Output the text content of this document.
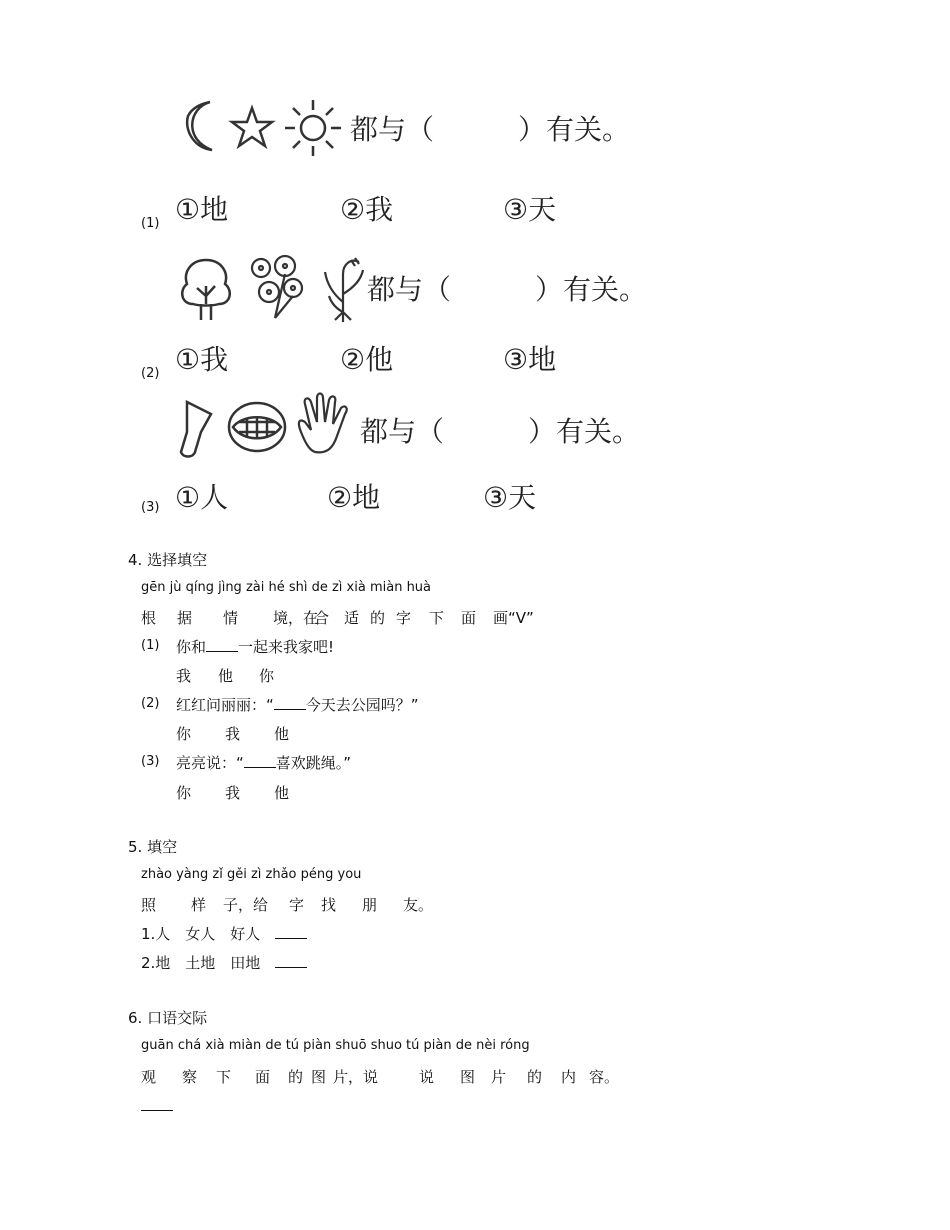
都与（　　　）有关。
①地	②我	③天
都与（　　　）有关。
①我	②他	③地
都与（　　　）有关。
①人	②地	③天
(1)
(2)
(3)
4. 选择填空
gēn jù qíng jìng zài hé shì de zì xià miàn huà
根 据 情 境，在
合 适 的 字 下 面 画“V”
(1) 你和 一起来我家吧!
我 他 你
(2) 红红问丽丽：“ 今天去公园吗？”
你 我 他
(3) 亮亮说：“ 喜欢跳绳。”
你 我 他
5. 填空
zhào yàng zǐ gěi zì zhǎo péng you
照 样 子，给 字 找 朋 友。
1.人　女人　好人
2.地　土地　田地
6. 口语交际
guān chá xià miàn de tú piàn shuō shuo tú piàn de nèi róng
观 察 下 面 的 图 片，说	说 图 片 的 内 容。
